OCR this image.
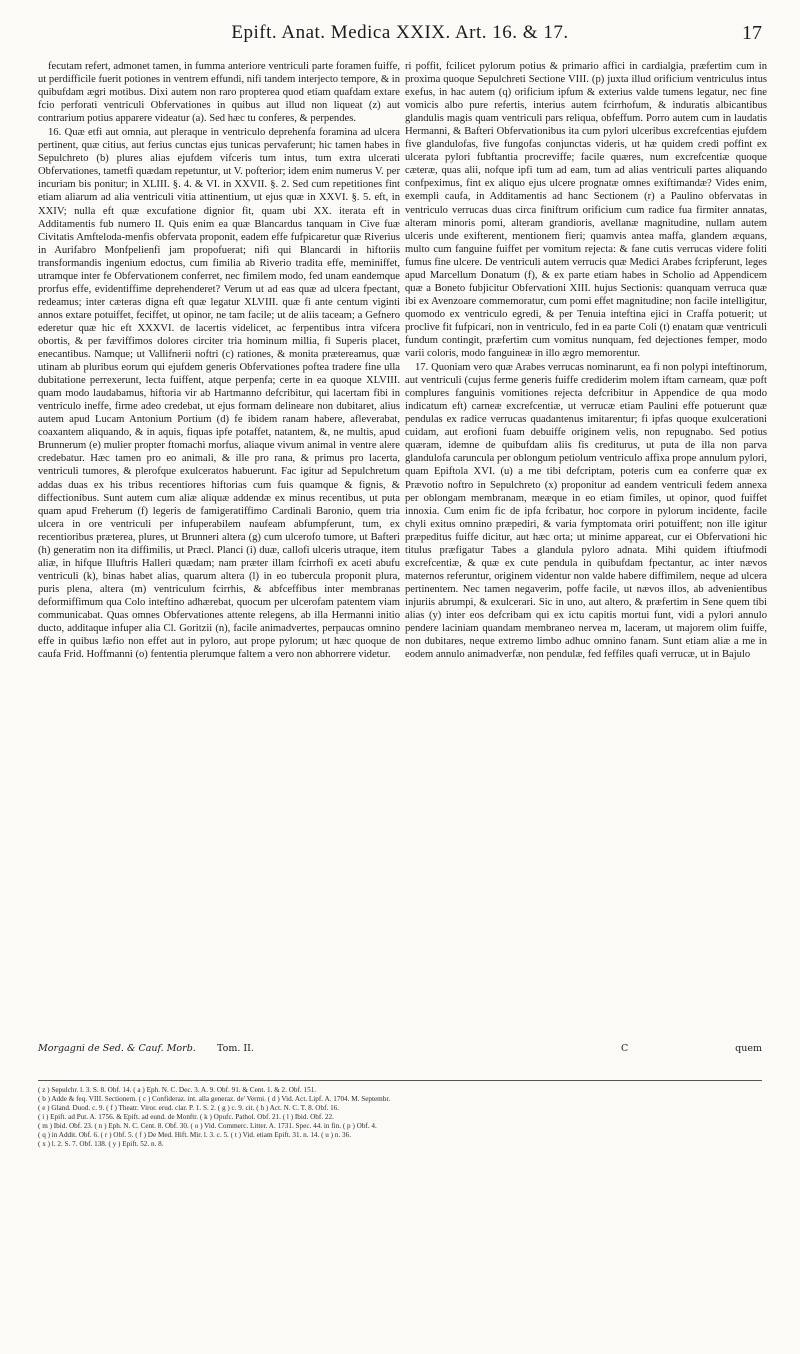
Epift. Anat. Medica XXIX. Art. 16. & 17.	17

fecutam refert, admonet tamen, in fumma anteriore ventriculi parte foramen fuiffe, ut perdifficile fuerit potiones in ventrem effundi, nifi tandem interjecto tempore, & in quibufdam ægri motibus. Dixi autem non raro propterea quod etiam quafdam extare fcio perforati ventriculi Obfervationes in quibus aut illud non liqueat (z) aut contrarium potius apparere videatur (a). Sed hæc tu conferes, & perpendes.

16. Quæ etfi aut omnia, aut pleraque in ventriculo deprehenfa foramina ad ulcera pertinent, quæ citius, aut ferius cunctas ejus tunicas pervaferunt; hic tamen habes in Sepulchreto (b) plures alias ejufdem vifceris tum intus, tum extra ulcerati Obfervationes, tametfi quædam repetuntur, ut V. pofterior; idem enim numerus V. per incuriam bis ponitur; in XLIII. §. 4. & VI. in XXVII. §. 2. Sed cum repetitiones fint etiam aliarum ad alia ventriculi vitia attinentium, ut ejus quæ in XXVI. §. 5. eft, in XXIV; nulla eft quæ excufatione dignior fit, quam ubi XX. iterata eft in Additamentis fub numero II. Quis enim ea quæ Blancardus tanquam in Cive fuæ Civitatis Amfteloda-menfis obfervata proponit, eadem effe fufpicaretur quæ Riverius in Aurifabro Monfpelienfi jam propofuerat; nifi qui Blancardi in hiftoriis transformandis ingenium edoctus, cum fimilia ab Riverio tradita effe, meminiffet, utramque inter fe Obfervationem conferret, nec fimilem modo, fed unam eandemque prorfus effe, evidentiffime deprehenderet? Verum ut ad eas quæ ad ulcera fpectant, redeamus; inter cæteras digna eft quæ legatur XLVIII. quæ fi ante centum viginti annos extare potuiffet, feciffet, ut opinor, ne tam facile; ut de aliis taceam; a Gefnero ederetur quæ hic eft XXXVI. de lacertis videlicet, ac ferpentibus intra vifcera obortis, & per fæviffimos dolores circiter tria hominum millia, fi Superis placet, enecantibus. Namque; ut Vallifnerii noftri (c) rationes, & monita prætereamus, quæ utinam ab pluribus eorum qui ejufdem generis Obfervationes poftea tradere fine ulla dubitatione perrexerunt, lecta fuiffent, atque perpenfa; certe in ea quoque XLVIII. quam modo laudabamus, hiftoria vir ab Hartmanno defcribitur, qui lacertam fibi in ventriculo ineffe, firme adeo credebat, ut ejus formam delineare non dubitaret, alius autem apud Lucam Antonium Portium (d) fe ibidem ranam habere, afleverabat, coaxantem aliquando, & in aquis, fiquas ipfe potaffet, natantem, &, ne multis, apud Brunnerum (e) mulier propter ftomachi morfus, aliaque vivum animal in ventre alere credebatur. Hæc tamen pro eo animali, & ille pro rana, & primus pro lacerta, ventriculi tumores, & plerofque exulceratos habuerunt. Fac igitur ad Sepulchretum addas duas ex his tribus recentiores hiftorias cum fuis quamque & fignis, & diffectionibus. Sunt autem cum aliæ aliquæ addendæ ex minus recentibus, ut puta quam apud Freherum (f) legeris de famigeratiffimo Cardinali Baronio, quem tria ulcera in ore ventriculi per infuperabilem naufeam abfumpferunt, tum, ex recentioribus præterea, plures, ut Brunneri altera (g) cum ulcerofo tumore, ut Bafteri (h) generatim non ita diffimilis, ut Præcl. Planci (i) duæ, callofi ulceris utraque, item aliæ, in hifque Illuftris Halleri quædam; nam præter illam fcirrhofi ex aceti abufu ventriculi (k), binas habet alias, quarum altera (l) in eo tubercula proponit plura, puris plena, altera (m) ventriculum fcirrhis, & abfceffibus inter membranas deformiffimum qua Colo inteftino adhærebat, quocum per ulcerofam patentem viam communicabat. Quas omnes Obfervationes attente relegens, ab illa Hermanni initio ducto, additaque infuper alia Cl. Goritzii (n), facile animadvertes, perpaucas omnino effe in quibus læfio non effet aut in pyloro, aut prope pylorum; ut hæc quoque de caufa Frid. Hoffmanni (o) fententia plerumque faltem a vero non abhorrere videtur.

Morgagni de Sed. & Cauf. Morb. Tom. II.

ri poffit, fcilicet pylorum potius & primario affici in cardialgia, præfertim cum in proxima quoque Sepulchreti Sectione VIII. (p) juxta illud orificium ventriculus intus exefus, in hac autem (q) orificium ipfum & exterius valde tumens legatur, nec fine vomicis albo pure refertis, interius autem fcirrhofum, & induratis albicantibus glandulis magis quam ventriculi pars reliqua, obfeffum. Porro autem cum in laudatis Hermanni, & Bafteri Obfervationibus ita cum pylori ulceribus excrefcentias ejufdem five glandulofas, five fungofas conjunctas videris, ut hæ quidem credi poffint ex ulcerata pylori fubftantia procreviffe; facile quæres, num excrefcentiæ quoque cæteræ, quas alii, nofque ipfi tum ad eam, tum ad alias ventriculi partes aliquando confpeximus, fint ex aliquo ejus ulcere prognatæ omnes exiftimandæ? Vides enim, exempli caufa, in Additamentis ad hanc Sectionem (r) a Paulino obfervatas in ventriculo verrucas duas circa finiftrum orificium cum radice fua firmiter annatas, alteram minoris pomi, alteram grandioris, avellanæ magnitudine, nullam autem ulceris unde exifterent, mentionem fieri; quamvis antea maffa, glandem æquans, multo cum fanguine fuiffet per vomitum rejecta: & fane cutis verrucas videre foliti fumus fine ulcere. De ventriculi autem verrucis quæ Medici Arabes fcripferunt, leges apud Marcellum Donatum (f), & ex parte etiam habes in Scholio ad Appendicem quæ a Boneto fubjicitur Obfervationi XIII. hujus Sectionis: quanquam verruca quæ ibi ex Avenzoare commemoratur, cum pomi effet magnitudine; non facile intelligitur, quomodo ex ventriculo egredi, & per Tenuia inteftina ejici in Craffa potuerit; ut proclive fit fufpicari, non in ventriculo, fed in ea parte Coli (t) enatam quæ ventriculi fundum contingit, præfertim cum vomitus nunquam, fed dejectiones femper, modo varii coloris, modo fanguineæ in illo ægro memorentur.

17. Quoniam vero quæ Arabes verrucas nominarunt, ea fi non polypi inteftinorum, aut ventriculi (cujus ferme generis fuiffe crediderim molem iftam carneam, quæ poft complures fanguinis vomitiones rejecta defcribitur in Appendice de qua modo indicatum eft) carneæ excrefcentiæ, ut verrucæ etiam Paulini effe potuerunt quæ pendulas ex radice verrucas quadantenus imitarentur; fi ipfas quoque exulcerationi cuidam, aut erofioni fuam debuiffe originem velis, non repugnabo. Sed potius quæram, idemne de quibufdam aliis fis crediturus, ut puta de illa non parva glandulofa caruncula per oblongum petiolum ventriculo affixa prope annulum pylori, quam Epiftola XVI. (u) a me tibi defcriptam, poteris cum ea conferre quæ ex Prævotio noftro in Sepulchreto (x) proponitur ad eandem ventriculi fedem annexa per oblongam membranam, meæque in eo etiam fimiles, ut opinor, quod fuiffet innoxia. Cum enim fic de ipfa fcribatur, hoc corpore in pylorum incidente, facile chyli exitus omnino præpediri, & varia fymptomata oriri potuiffent; non ille igitur præpeditus fuiffe dicitur, aut hæc orta; ut minime appareat, cur ei Obfervationi hic titulus præfigatur Tabes a glandula pyloro adnata. Mihi quidem iftiufmodi excrefcentiæ, & quæ ex cute pendula in quibufdam fpectantur, ac inter nævos maternos referuntur, originem videntur non valde habere diffimilem, neque ad ulcera pertinentem. Nec tamen negaverim, poffe facile, ut nævos illos, ab advenientibus injuriis abrumpi, & exulcerari. Sic in uno, aut altero, & præfertim in Sene quem tibi alias (y) inter eos defcribam qui ex ictu capitis mortui funt, vidi a pylori annulo pendere laciniam quandam membraneo nervea m, laceram, ut majorem olim fuiffe, non dubitares, neque extremo limbo adhuc omnino fanam. Sunt etiam aliæ a me in eodem annulo animadverfæ, non pendulæ, fed feffiles quafi verrucæ, ut in Bajulo

C	quem
( z ) Sepulchr. l. 3. S. 8. Obf. 14. ( a ) Eph. N. C. Dec. 3. A. 9. Obf. 91. & Cent. 1. & 2. Obf. 151.
( b ) Adde & feq. VIII. Sectionem. ( c ) Confideraz. int. alla generaz. de' Vermi. ( d ) Vid. Act. Lipf. A. 1704. M. Septembr.
( e ) Gland. Duod. c. 9. ( f ) Theatr. Viror. erud. clar. P. 1. S. 2. ( g ) c. 9. cit. ( h ) Act. N. C. T. 8. Obf. 16.
( i ) Epift. ad Put. A. 1756. & Epift. ad eund. de Monftr. ( k ) Opufc. Pathol. Obf. 21. ( l ) Ibid. Obf. 22.
( m ) Ibid. Obf. 23. ( n ) Eph. N. C. Cent. 8. Obf. 30. ( o ) Vid. Commerc. Litter. A. 1731. Spec. 44. in fin. ( p ) Obf. 4.
( q ) in Addit. Obf. 6. ( r ) Obf. 5. ( f ) De Med. Hift. Mir. l. 3. c. 5. ( t ) Vid. etiam Epift. 31. n. 14. ( u ) n. 36.
( x ) l. 2. S. 7. Obf. 138. ( y ) Epift. 52. n. 8.
